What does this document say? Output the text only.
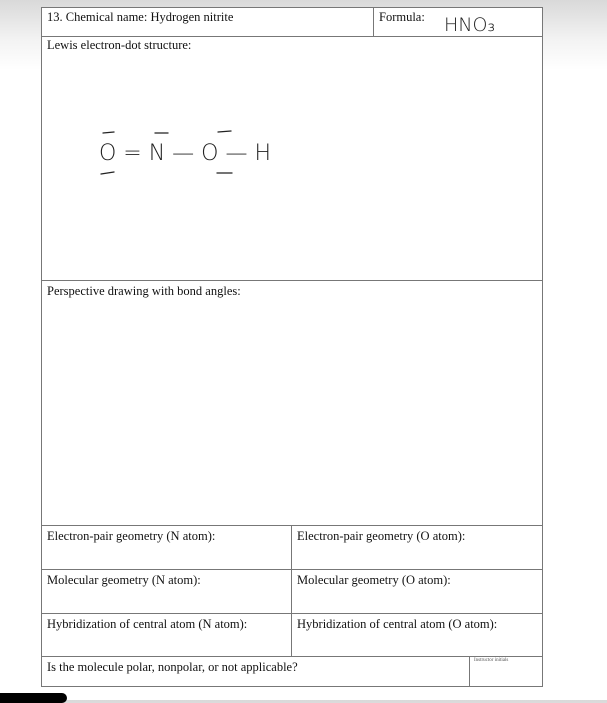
13. Chemical name: Hydrogen nitrite	Formula: HNO₃
Lewis electron-dot structure:
O = N — O — H
Perspective drawing with bond angles:
Electron-pair geometry (N atom):	Electron-pair geometry (O atom):
Molecular geometry (N atom):	Molecular geometry (O atom):
Hybridization of central atom (N atom):	Hybridization of central atom (O atom):
Is the molecule polar, nonpolar, or not applicable?	Instructor initials
